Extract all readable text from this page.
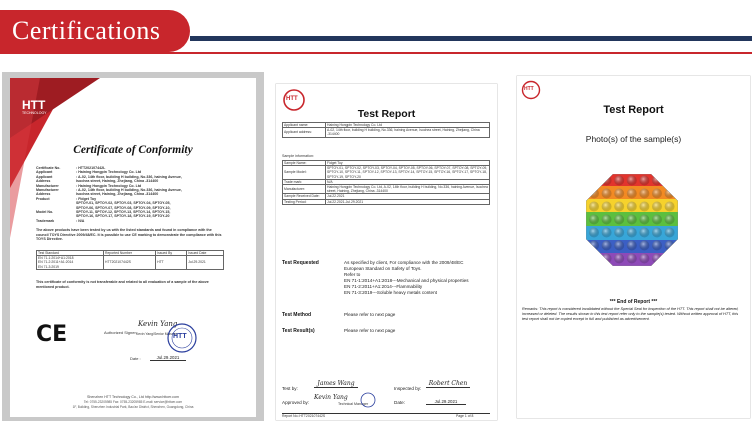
Certifications
HTT
TECHNOLOGY
Certificate of Conformity
Certificate No.	: HTT202107442L
Applicant	: Haining Hongpin Technology Co. Ltd
Applicant	: A-02, 14th floor, building H building, No.336, haining Avenue,
Address	Isochea street, Haining, Zhejiang, China -314400
Manufacturer	: Haining Hongpin Technology Co. Ltd
Manufacturer	: A-02, 14th floor, building H building, No.336, haining Avenue,
Address	Isochea street, Haining, Zhejiang, China -314400
Product	: Fidget Toy
SPTOY-01, SPTOY-02, SPTOY-03, SPTOY-04, SPTOY-05,
SPTOY-06, SPTOY-07, SPTOY-08, SPTOY-09, SPTOY-10,
Model No.	SPTOY-11, SPTOY-12, SPTOY-13, SPTOY-14, SPTOY-15,
SPTOY-16, SPTOY-17, SPTOY-18, SPTOY-19, SPTOY-20
Trademark	: N/A
The above products have been tested by us with the listed standards and found in compliance with the council TOYS Directive 2009/48/EC. It is possible to use CE marking to demonstrate the compliance with this TOYS Directive.
Test Standard	Reported Number	Issued By	Issued Date
EN 71-1:2014+A1:2018
EN 71-2:2011+A1:2014
EN 71-3:2019	HTT202107442S	HTT	Jul.29.2021
This certificate of conformity is not transferable and related to all evaluation of a sample of the above mentioned product.
CE	Authorized Signer:
Kevin Yang
Kevin Yang/Senior Manager
HTT
Date :	Jul.29.2021
Shenzhen HTT Technology Co., Ltd http://www.httcer.com
Tel: 0755-23205985 Fax: 0755-23205985 E-mail: service@httcer.com
1F, Building, Shenzhen Industrial Park, Bao'an District, Shenzhen, Guangdong, China
HTT
Test Report
Applicant name:	Haining Hongpin Technology Co. Ltd
Applicant address:	A-02, 14th floor, building H building, No.336, haining Avenue, Isochea street, Haining, Zhejiang, China -314400
Sample information:
Sample Name:	Fidget Toy
Sample Model:	SPTOY-01, SPTOY-02, SPTOY-03, SPTOY-04, SPTOY-05, SPTOY-06, SPTOY-07, SPTOY-08, SPTOY-09, SPTOY-10, SPTOY-11, SPTOY-12, SPTOY-13, SPTOY-14, SPTOY-15, SPTOY-16, SPTOY-17, SPTOY-18, SPTOY-19, SPTOY-20
Trade mark:	N/A
Manufacturer:	Haining Hongpin Technology Co. Ltd, A-02, 14th floor, building H building, No.336, haining Avenue, Isochea street, Haining, Zhejiang, China -314400
Sample Received Date:	Jul.22.2021
Testing Period:	Jul.22.2021-Jul.29.2021
Test Requested	As specified by client, For compliance with the 2009/48/EC
European Standard on Safety of Toys.
Refer to
EN 71-1:2014+A1:2018---Mechanical and physical properties
EN 71-2:2011+A1:2014---Flammability
EN 71-3:2019---Soluble heavy metals content
Test Method	Please refer to next page
Test Result(s)	Please refer to next page
Test by:
James Wang
Inspected by:
Robert Chen
Approved by:
Kevin Yang
Technical Manager	Date:	Jul.29.2021
Report No.:HTT202107442S	Page 1 of 8
HTT
Test Report
Photo(s) of the sample(s)
*** End of Report ***
Remarks: This report is considered invalidated without the Special Seal for Inspection of the HTT. This report shall not be altered, increased or deleted. The results shown in this test report refer only to the sample(s) tested. Without written approval of HTT, this test report shall not be copied except in full and published as advertisement.
